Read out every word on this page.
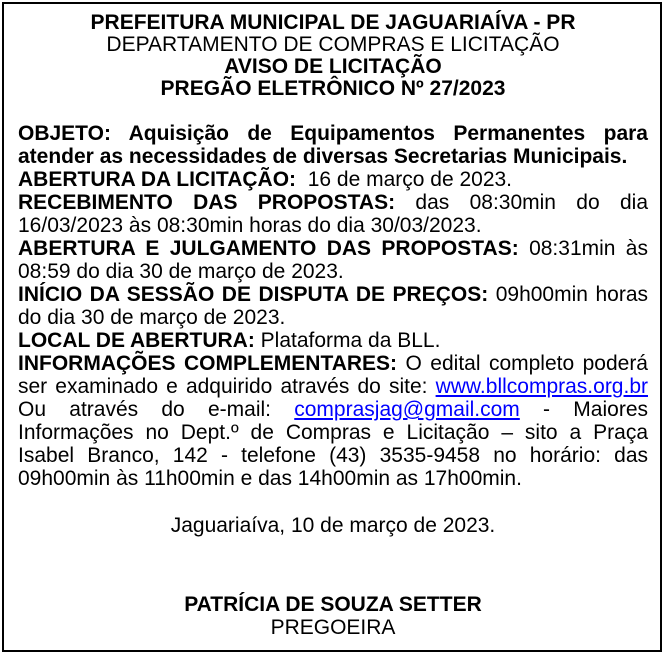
PREFEITURA MUNICIPAL DE JAGUARIAÍVA - PR
DEPARTAMENTO DE COMPRAS E LICITAÇÃO
AVISO DE LICITAÇÃO
PREGÃO ELETRÔNICO Nº 27/2023

OBJETO: Aquisição de Equipamentos Permanentes para atender as necessidades de diversas Secretarias Municipais.

ABERTURA DA LICITAÇÃO:  16 de março de 2023.

RECEBIMENTO DAS PROPOSTAS: das 08:30min do dia 16/03/2023 às 08:30min horas do dia 30/03/2023.

ABERTURA E JULGAMENTO DAS PROPOSTAS: 08:31min às 08:59 do dia 30 de março de 2023.

INÍCIO DA SESSÃO DE DISPUTA DE PREÇOS: 09h00min horas do dia 30 de março de 2023.

LOCAL DE ABERTURA: Plataforma da BLL.

INFORMAÇÕES COMPLEMENTARES: O edital completo poderá ser examinado e adquirido através do site: www.bllcompras.org.br Ou através do e-mail: comprasjag@gmail.com - Maiores Informações no Dept.º de Compras e Licitação – sito a Praça Isabel Branco, 142 - telefone (43) 3535-9458 no horário: das 09h00min às 11h00min e das 14h00min as 17h00min.

Jaguariaíva, 10 de março de 2023.

PATRÍCIA DE SOUZA SETTER
PREGOEIRA
